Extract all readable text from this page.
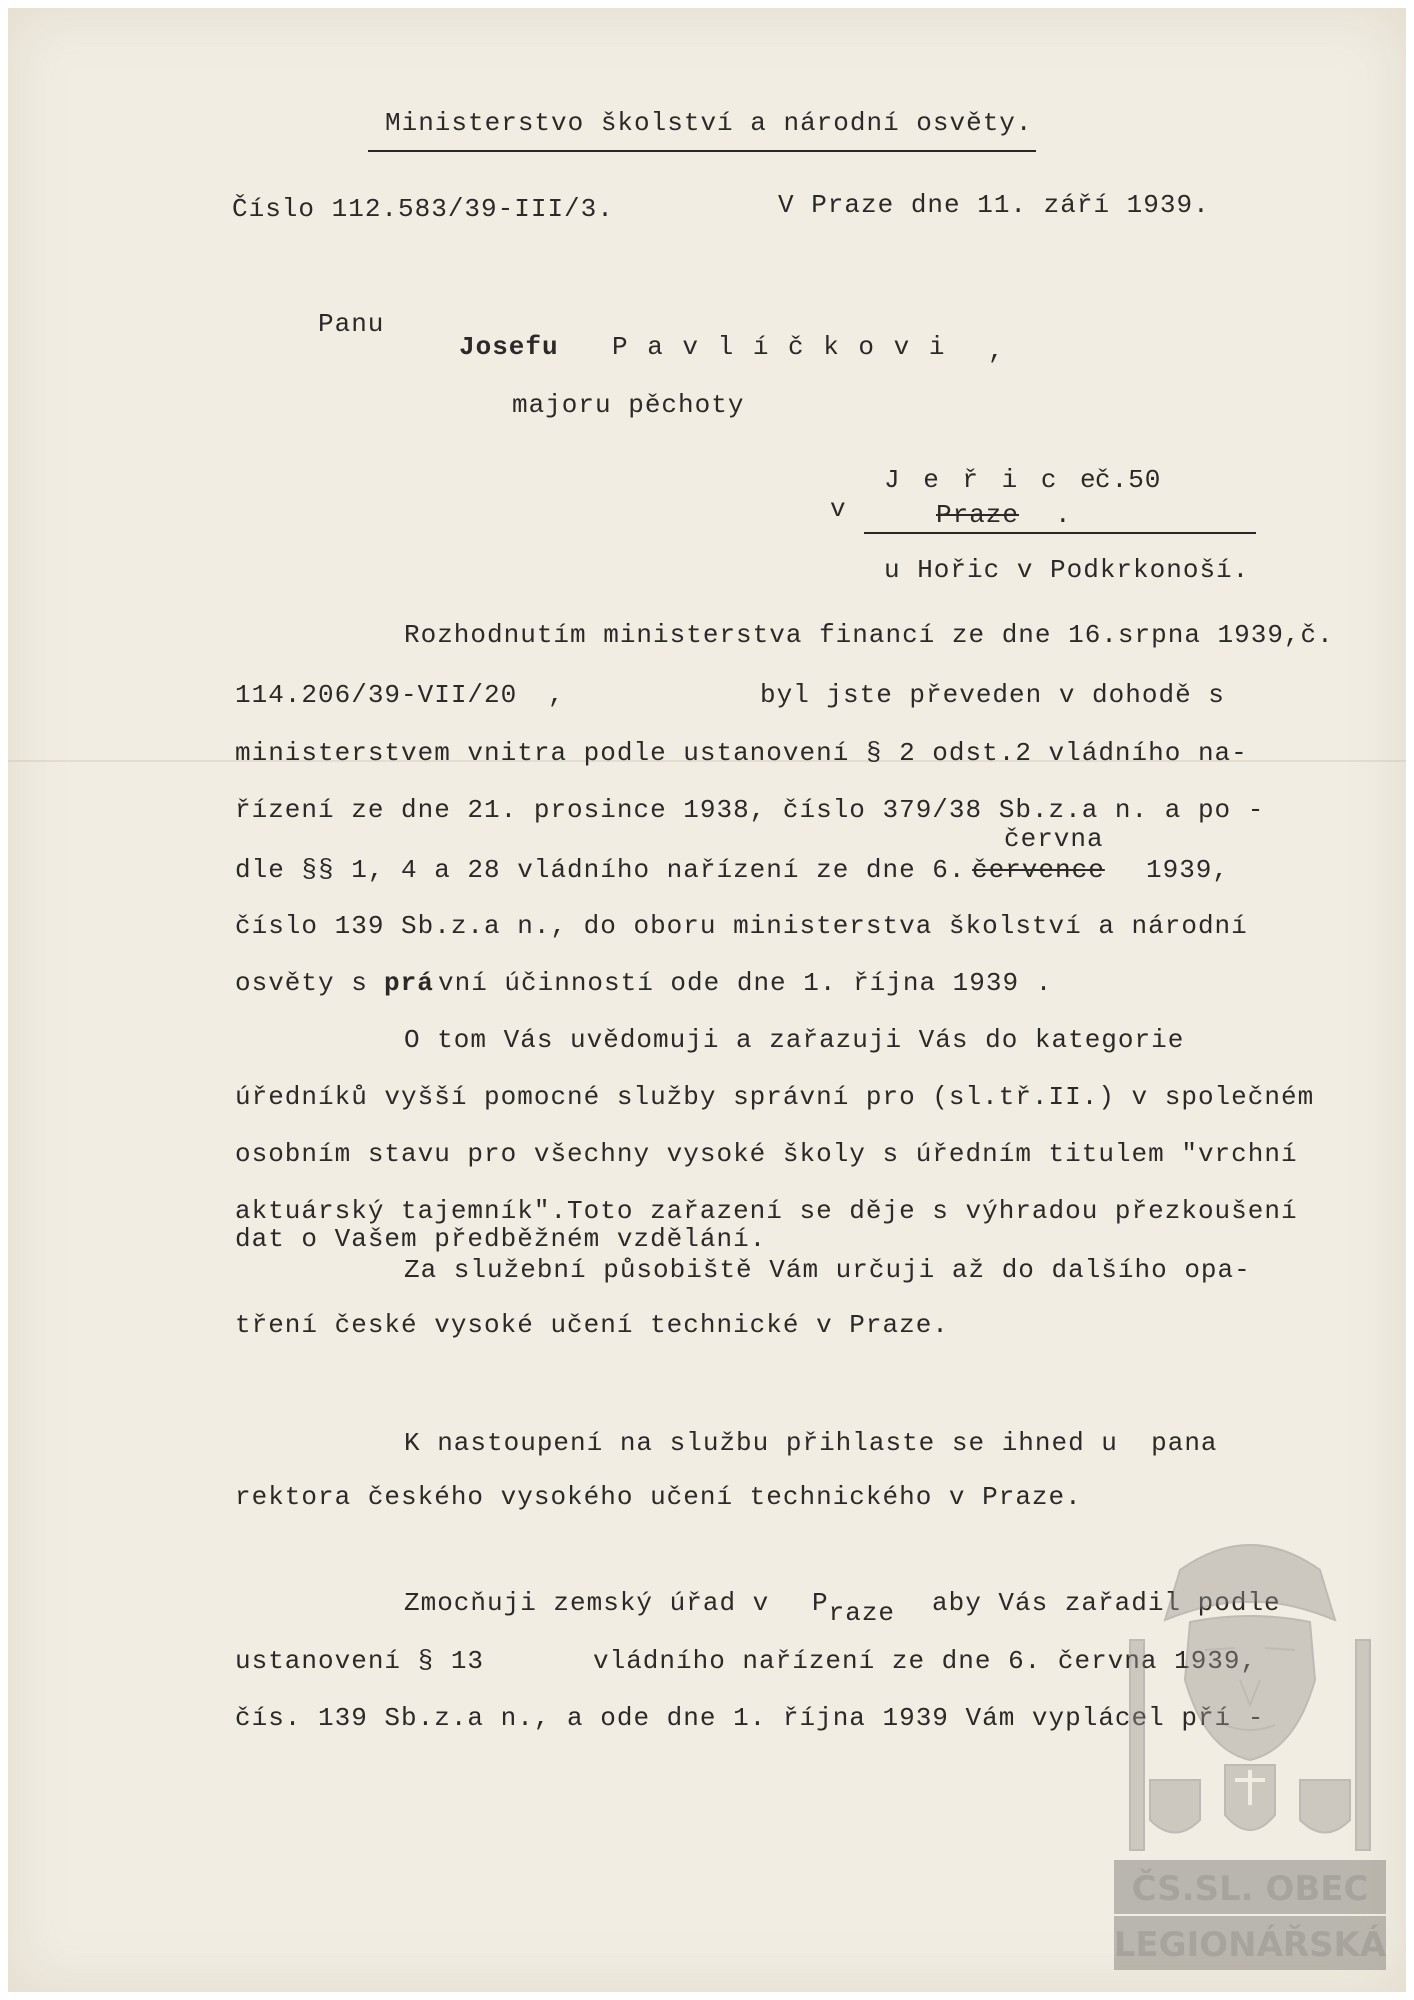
Ministerstvo školství a národní osvěty.
Číslo 112.583/39-III/3.	V Praze dne 11. září 1939.
Panu
Josefu P a v l í č k o v i ,
majoru pěchoty
J e ř i c e
č.50
v	Praze .
u Hořic v Podkrkonoší.
Rozhodnutím ministerstva financí ze dne 16.srpna 1939,č.
114.206/39-VII/20 ,	byl jste převeden v dohodě s
ministerstvem vnitra podle ustanovení § 2 odst.2 vládního na-
řízení ze dne 21. prosince 1938, číslo 379/38 Sb.z.a n. a po -
června
dle §§ 1, 4 a 28 vládního nařízení ze dne 6. července 1939,
číslo 139 Sb.z.a n., do oboru ministerstva školství a národní
osvěty s prá vní účinností ode dne 1. října 1939 .
O tom Vás uvědomuji a zařazuji Vás do kategorie
úředníků vyšší pomocné služby správní pro (sl.tř.II.) v společném
osobním stavu pro všechny vysoké školy s úředním titulem "vrchní
aktuárský tajemník".Toto zařazení se děje s výhradou přezkoušení
dat o Vašem předběžném vzdělání.
Za služební působiště Vám určuji až do dalšího opa-
tření české vysoké učení technické v Praze.
K nastoupení na službu přihlaste se ihned u  pana
rektora českého vysokého učení technického v Praze.
Zmocňuji zemský úřad v Praze aby Vás zařadil podle
ustanovení § 13	vládního nařízení ze dne 6. června 1939,
čís. 139 Sb.z.a n., a ode dne 1. října 1939 Vám vyplácel pří -
ČS.SL. OBEC
LEGIONÁŘSKÁ
